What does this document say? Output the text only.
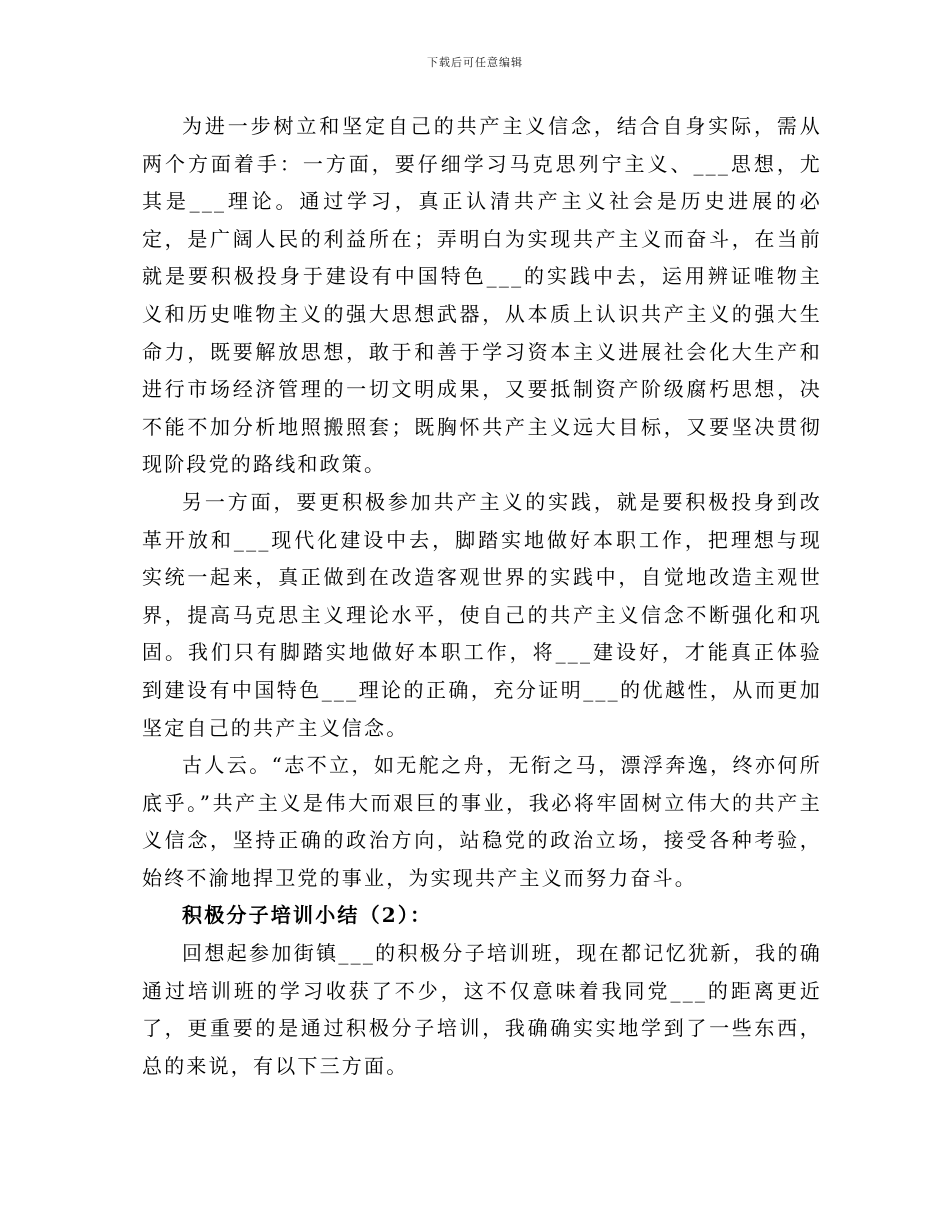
下载后可任意编辑

为进一步树立和坚定自己的共产主义信念，结合自身实际，需从两个方面着手：一方面，要仔细学习马克思列宁主义、___思想，尤其是___理论。通过学习，真正认清共产主义社会是历史进展的必定，是广阔人民的利益所在；弄明白为实现共产主义而奋斗，在当前就是要积极投身于建设有中国特色___的实践中去，运用辨证唯物主义和历史唯物主义的强大思想武器，从本质上认识共产主义的强大生命力，既要解放思想，敢于和善于学习资本主义进展社会化大生产和进行市场经济管理的一切文明成果，又要抵制资产阶级腐朽思想，决不能不加分析地照搬照套；既胸怀共产主义远大目标，又要坚决贯彻现阶段党的路线和政策。

另一方面，要更积极参加共产主义的实践，就是要积极投身到改革开放和___现代化建设中去，脚踏实地做好本职工作，把理想与现实统一起来，真正做到在改造客观世界的实践中，自觉地改造主观世界，提高马克思主义理论水平，使自己的共产主义信念不断强化和巩固。我们只有脚踏实地做好本职工作，将___建设好，才能真正体验到建设有中国特色___理论的正确，充分证明___的优越性，从而更加坚定自己的共产主义信念。

古人云。“志不立，如无舵之舟，无衔之马，漂浮奔逸，终亦何所底乎。”共产主义是伟大而艰巨的事业，我必将牢固树立伟大的共产主义信念，坚持正确的政治方向，站稳党的政治立场，接受各种考验，始终不渝地捍卫党的事业，为实现共产主义而努力奋斗。

积极分子培训小结（2）：

回想起参加街镇___的积极分子培训班，现在都记忆犹新，我的确通过培训班的学习收获了不少，这不仅意味着我同党___的距离更近了，更重要的是通过积极分子培训，我确确实实地学到了一些东西，总的来说，有以下三方面。
